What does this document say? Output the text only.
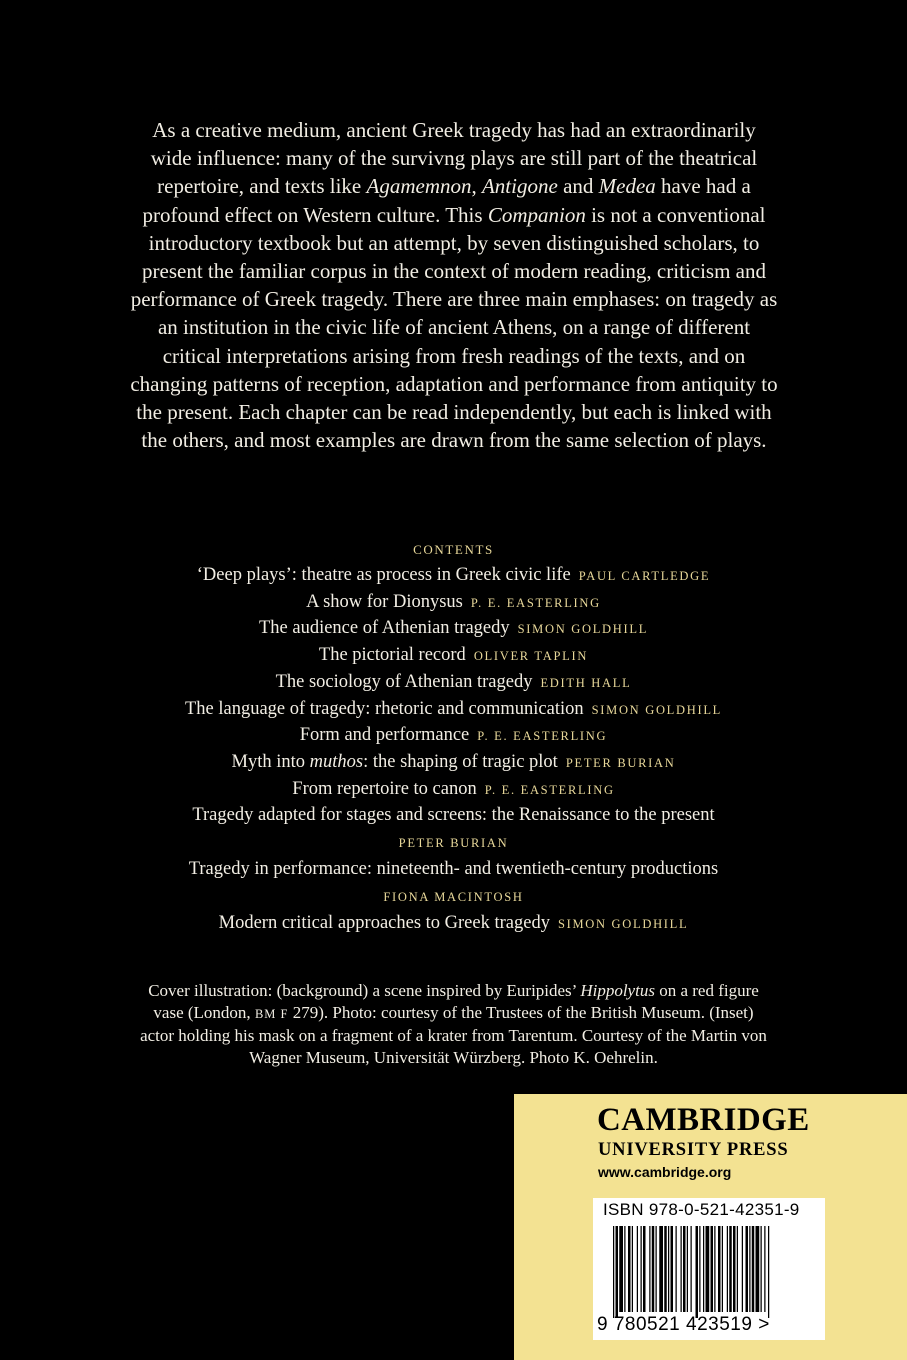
As a creative medium, ancient Greek tragedy has had an extraordinarily wide influence: many of the survivng plays are still part of the theatrical repertoire, and texts like Agamemnon, Antigone and Medea have had a profound effect on Western culture. This Companion is not a conventional introductory textbook but an attempt, by seven distinguished scholars, to present the familiar corpus in the context of modern reading, criticism and performance of Greek tragedy. There are three main emphases: on tragedy as an institution in the civic life of ancient Athens, on a range of different critical interpretations arising from fresh readings of the texts, and on changing patterns of reception, adaptation and performance from antiquity to the present. Each chapter can be read independently, but each is linked with the others, and most examples are drawn from the same selection of plays.

CONTENTS
‘Deep plays’: theatre as process in Greek civic life PAUL CARTLEDGE
A show for Dionysus P. E. EASTERLING
The audience of Athenian tragedy SIMON GOLDHILL
The pictorial record OLIVER TAPLIN
The sociology of Athenian tragedy EDITH HALL
The language of tragedy: rhetoric and communication SIMON GOLDHILL
Form and performance P. E. EASTERLING
Myth into muthos: the shaping of tragic plot PETER BURIAN
From repertoire to canon P. E. EASTERLING
Tragedy adapted for stages and screens: the Renaissance to the present
PETER BURIAN
Tragedy in performance: nineteenth- and twentieth-century productions
FIONA MACINTOSH
Modern critical approaches to Greek tragedy SIMON GOLDHILL

Cover illustration: (background) a scene inspired by Euripides’ Hippolytus on a red figure vase (London, BM F 279). Photo: courtesy of the Trustees of the British Museum. (Inset) actor holding his mask on a fragment of a krater from Tarentum. Courtesy of the Martin von Wagner Museum, Universität Würzberg. Photo K. Oehrelin.

CAMBRIDGE

UNIVERSITY PRESS

www.cambridge.org

ISBN 978-0-521-42351-9

9 780521 423519 >
